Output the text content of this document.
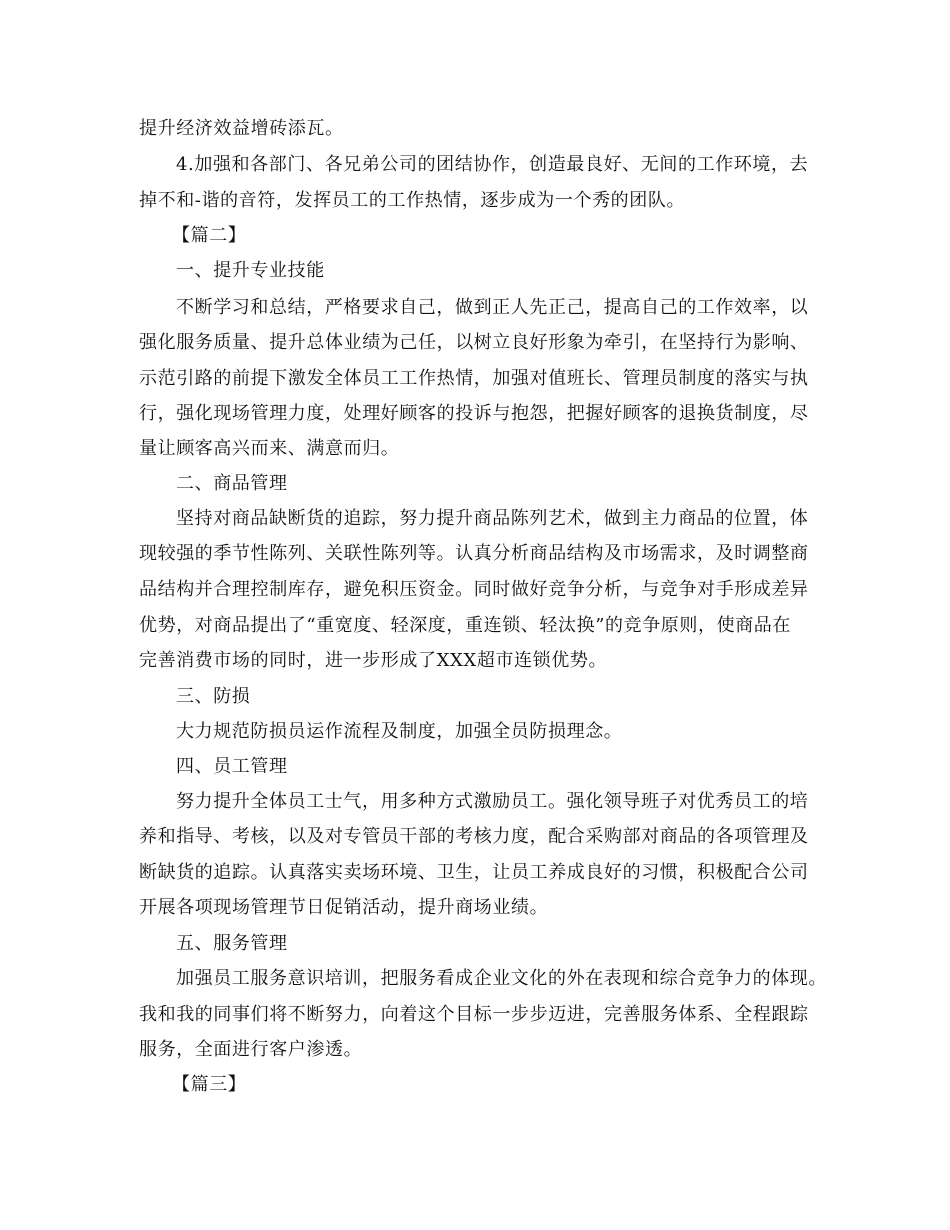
提升经济效益增砖添瓦。
4.加强和各部门、各兄弟公司的团结协作，创造最良好、无间的工作环境，去
掉不和-谐的音符，发挥员工的工作热情，逐步成为一个秀的团队。
【篇二】
一、提升专业技能
不断学习和总结，严格要求自己，做到正人先正己，提高自己的工作效率，以
强化服务质量、提升总体业绩为己任，以树立良好形象为牵引，在坚持行为影响、
示范引路的前提下激发全体员工工作热情，加强对值班长、管理员制度的落实与执
行，强化现场管理力度，处理好顾客的投诉与抱怨，把握好顾客的退换货制度，尽
量让顾客高兴而来、满意而归。
二、商品管理
坚持对商品缺断货的追踪，努力提升商品陈列艺术，做到主力商品的位置，体
现较强的季节性陈列、关联性陈列等。认真分析商品结构及市场需求，及时调整商
品结构并合理控制库存，避免积压资金。同时做好竞争分析，与竞争对手形成差异
优势，对商品提出了“重宽度、轻深度，重连锁、轻汰换”的竞争原则，使商品在
完善消费市场的同时，进一步形成了XXX超市连锁优势。
三、防损
大力规范防损员运作流程及制度，加强全员防损理念。
四、员工管理
努力提升全体员工士气，用多种方式激励员工。强化领导班子对优秀员工的培
养和指导、考核，以及对专管员干部的考核力度，配合采购部对商品的各项管理及
断缺货的追踪。认真落实卖场环境、卫生，让员工养成良好的习惯，积极配合公司
开展各项现场管理节日促销活动，提升商场业绩。
五、服务管理
加强员工服务意识培训，把服务看成企业文化的外在表现和综合竞争力的体现。
我和我的同事们将不断努力，向着这个目标一步步迈进，完善服务体系、全程跟踪
服务，全面进行客户渗透。
【篇三】
